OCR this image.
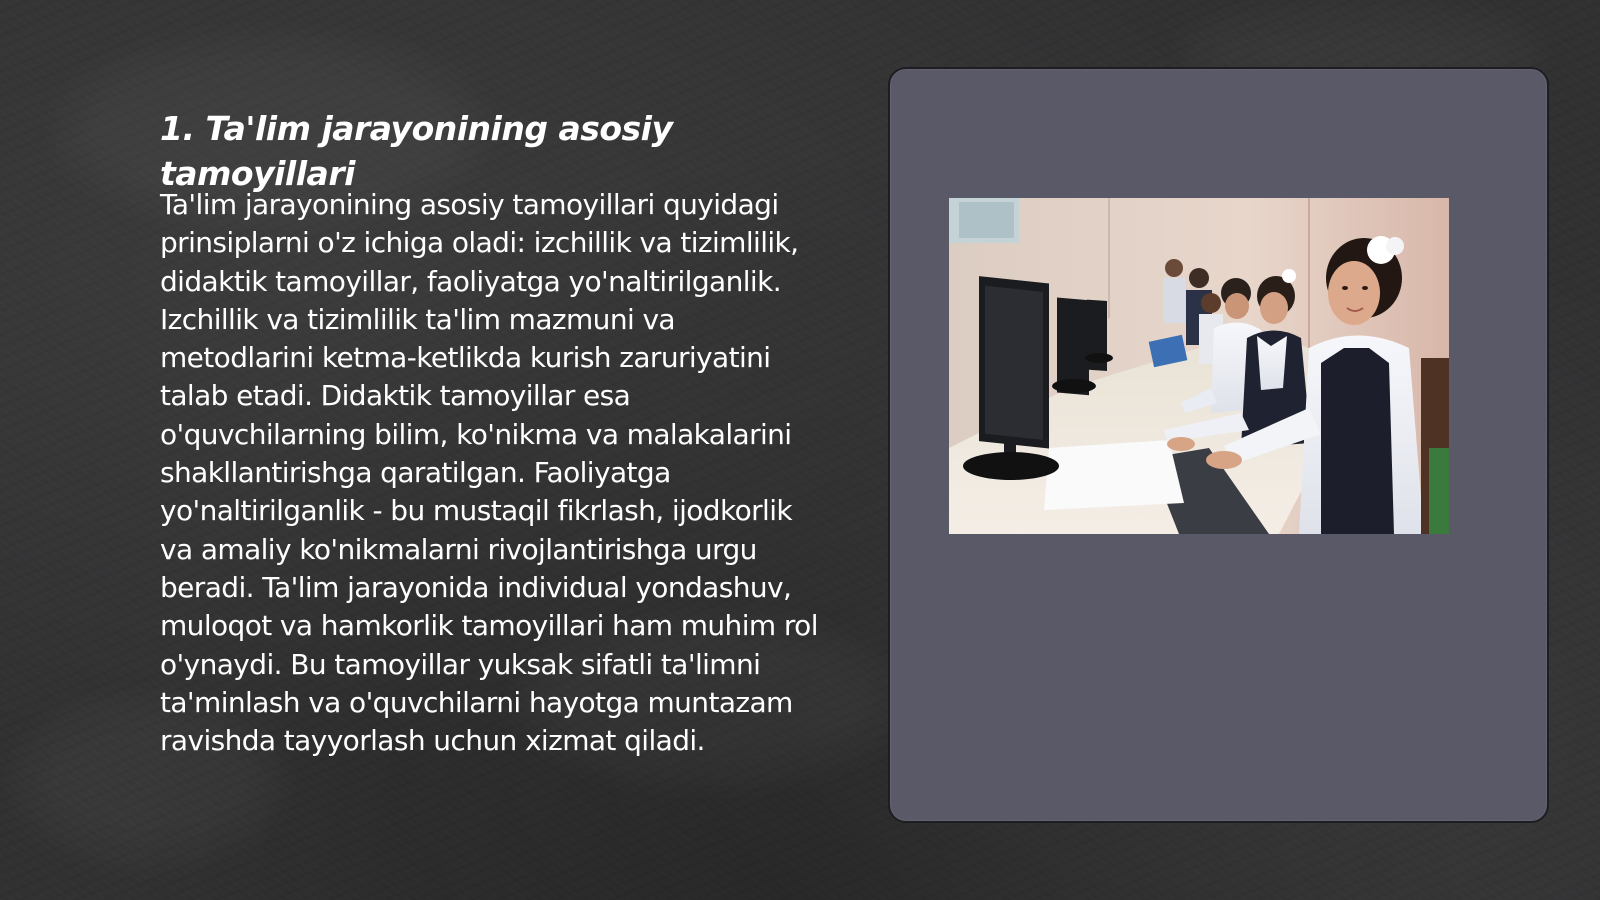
1. Ta'lim jarayonining asosiy tamoyillari

Ta'lim jarayonining asosiy tamoyillari quyidagi prinsiplarni o'z ichiga oladi: izchillik va tizimlilik, didaktik tamoyillar, faoliyatga yo'naltirilganlik. Izchillik va tizimlilik ta'lim mazmuni va metodlarini ketma-ketlikda kurish zaruriyatini talab etadi. Didaktik tamoyillar esa o'quvchilarning bilim, ko'nikma va malakalarini shakllantirishga qaratilgan. Faoliyatga yo'naltirilganlik - bu mustaqil fikrlash, ijodkorlik va amaliy ko'nikmalarni rivojlantirishga urgu beradi. Ta'lim jarayonida individual yondashuv, muloqot va hamkorlik tamoyillari ham muhim rol o'ynaydi. Bu tamoyillar yuksak sifatli ta'limni ta'minlash va o'quvchilarni hayotga muntazam ravishda tayyorlash uchun xizmat qiladi.
